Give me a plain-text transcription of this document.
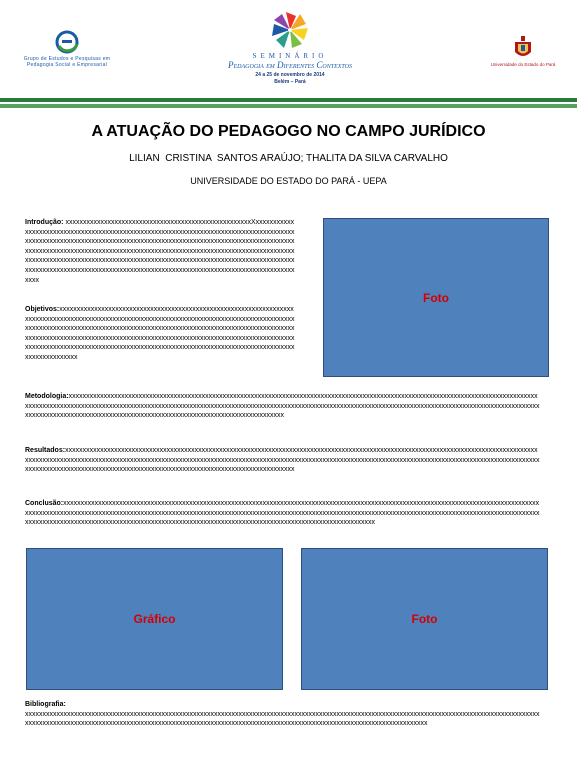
Grupo de Estudos e Pesquisas em Pedagogia Social e Empresarial
SEMINÁRIO
Pedagogia em Diferentes Contextos
24 a 25 de novembro de 2014
Belém – Pará
Universidade do Estado do Pará
A ATUAÇÃO DO PEDAGOGO NO CAMPO JURÍDICO
LILIAN  CRISTINA  SANTOS ARAÚJO; THALITA DA SILVA CARVALHO
UNIVERSIDADE DO ESTADO DO PARÁ - UEPA
Introdução: xxxxxxxxxxxxxxxxxxxxxxxxxxxxxxxxxxxxxxxxxxxxxxxxxxxxxXxxxxxxxxxxxxxxxxxxxxxxxxxxxxxxxxxxxxxxxxxxxxxxxxxxxxxxxxxxxxxxxxxxxxxxxxxxxxxxxxxxxxxxxxxxxxxxxxxxxxxxxxxxxxxxxxxxxxxxxxxxxxxxxxxxxxxxxxxxxxxxxxxxxxxxxxxxxxxxxxxxxxxxxxxxxxxxxxxxxxxxxxxxxxxxxxxxxxxxxxxxxxxxxxxxxxxxxxxxxxxxxxxxxxxxxxxxxxxxxxxxxxxxxxxxxxxxxxxxxxxxxxxxxxxxxxxxxxxxxxxxxxxxxxxxxxxxxxxxxxxxxxxxxxxxxxxxxxxxxxxxxxxxxxxxxxxxxxxxxxxxxxxxxxxxxxxxxxxxxxxxxxxxxxxxxxxxxxxxxxxxxxxxxxxxxxxxxxxxxx
Objetivos:xxxxxxxxxxxxxxxxxxxxxxxxxxxxxxxxxxxxxxxxxxxxxxxxxxxxxxxxxxxxxxxxxxxxxxxxxxxxxxxxxxxxxxxxxxxxxxxxxxxxxxxxxxxxxxxxxxxxxxxxxxxxxxxxxxxxxxxxxxxxxxxxxxxxxxxxxxxxxxxxxxxxxxxxxxxxxxxxxxxxxxxxxxxxxxxxxxxxxxxxxxxxxxxxxxxxxxxxxxxxxxxxxxxxxxxxxxxxxxxxxxxxxxxxxxxxxxxxxxxxxxxxxxxxxxxxxxxxxxxxxxxxxxxxxxxxxxxxxxxxxxxxxxxxxxxxxxxxxxxxxxxxxxxxxxxxxxxxxxxxxxxxxxxxxxxxxxxxxxxxxxxxxxxxxxxxxxxxxxxxxxxxxxxxxx
Foto
Metodologia:xxxxxxxxxxxxxxxxxxxxxxxxxxxxxxxxxxxxxxxxxxxxxxxxxxxxxxxxxxxxxxxxxxxxxxxxxxxxxxxxxxxxxxxxxxxxxxxxxxxxxxxxxxxxxxxxxxxxxxxxxxxxxxxxxxxxxxxxxxxxxxxxxxxxxxxxxxxxxxxxxxxxxxxxxxxxxxxxxxxxxxxxxxxxxxxxxxxxxxxxxxxxxxxxxxxxxxxxxxxxxxxxxxxxxxxxxxxxxxxxxxxxxxxxxxxxxxxxxxxxxxxxxxxxxxxxxxxxxxxxxxxxxxxxxxxxxxxxxxxxxxxxxxxxxxxxxxxxxxxxxxxxxxxxxxxxxxxxxxxxxxxxxxxxxxxxxxx
Resultados:xxxxxxxxxxxxxxxxxxxxxxxxxxxxxxxxxxxxxxxxxxxxxxxxxxxxxxxxxxxxxxxxxxxxxxxxxxxxxxxxxxxxxxxxxxxxxxxxxxxxxxxxxxxxxxxxxxxxxxxxxxxxxxxxxxxxxxxxxxxxxxxxxxxxxxxxxxxxxxxxxxxxxxxxxxxxxxxxxxxxxxxxxxxxxxxxxxxxxxxxxxxxxxxxxxxxxxxxxxxxxxxxxxxxxxxxxxxxxxxxxxxxxxxxxxxxxxxxxxxxxxxxxxxxxxxxxxxxxxxxxxxxxxxxxxxxxxxxxxxxxxxxxxxxxxxxxxxxxxxxxxxxxxxxxxxxxxxxxxxxxxxxxxxxxxxxxxxxxxx
Conclusão:xxxxxxxxxxxxxxxxxxxxxxxxxxxxxxxxxxxxxxxxxxxxxxxxxxxxxxxxxxxxxxxxxxxxxxxxxxxxxxxxxxxxxxxxxxxxxxxxxxxxxxxxxxxxxxxxxxxxxxxxxxxxxxxxxxxxxxxxxxxxxxxxxxxxxxxxxxxxxxxxxxxxxxxxxxxxxxxxxxxxxxxxxxxxxxxxxxxxxxxxxxxxxxxxxxxxxxxxxxxxxxxxxxxxxxxxxxxxxxxxxxxxxxxxxxxxxxxxxxxxxxxxxxxxxxxxxxxxxxxxxxxxxxxxxxxxxxxxxxxxxxxxxxxxxxxxxxxxxxxxxxxxxxxxxxxxxxxxxxxxxxxxxxxxxxxxxxxxxxxxxxxxxxxxxxxxxxxxxxxxxxx
Gráfico	Foto
Bibliografia:
xxxxxxxxxxxxxxxxxxxxxxxxxxxxxxxxxxxxxxxxxxxxxxxxxxxxxxxxxxxxxxxxxxxxxxxxxxxxxxxxxxxxxxxxxxxxxxxxxxxxxxxxxxxxxxxxxxxxxxxxxxxxxxxxxxxxxxxxxxxxxxxxxxxxxxxxxxxxxxxxxxxxxxxxxxxxxxxxxxxxxxxxxxxxxxxxxxxxxxxxxxxxxxxxxxxxxxxxxxxxxxxxxxxxxxxxxxxxxxxxxxxxxxxxxxxxxxxxxxxxxx
